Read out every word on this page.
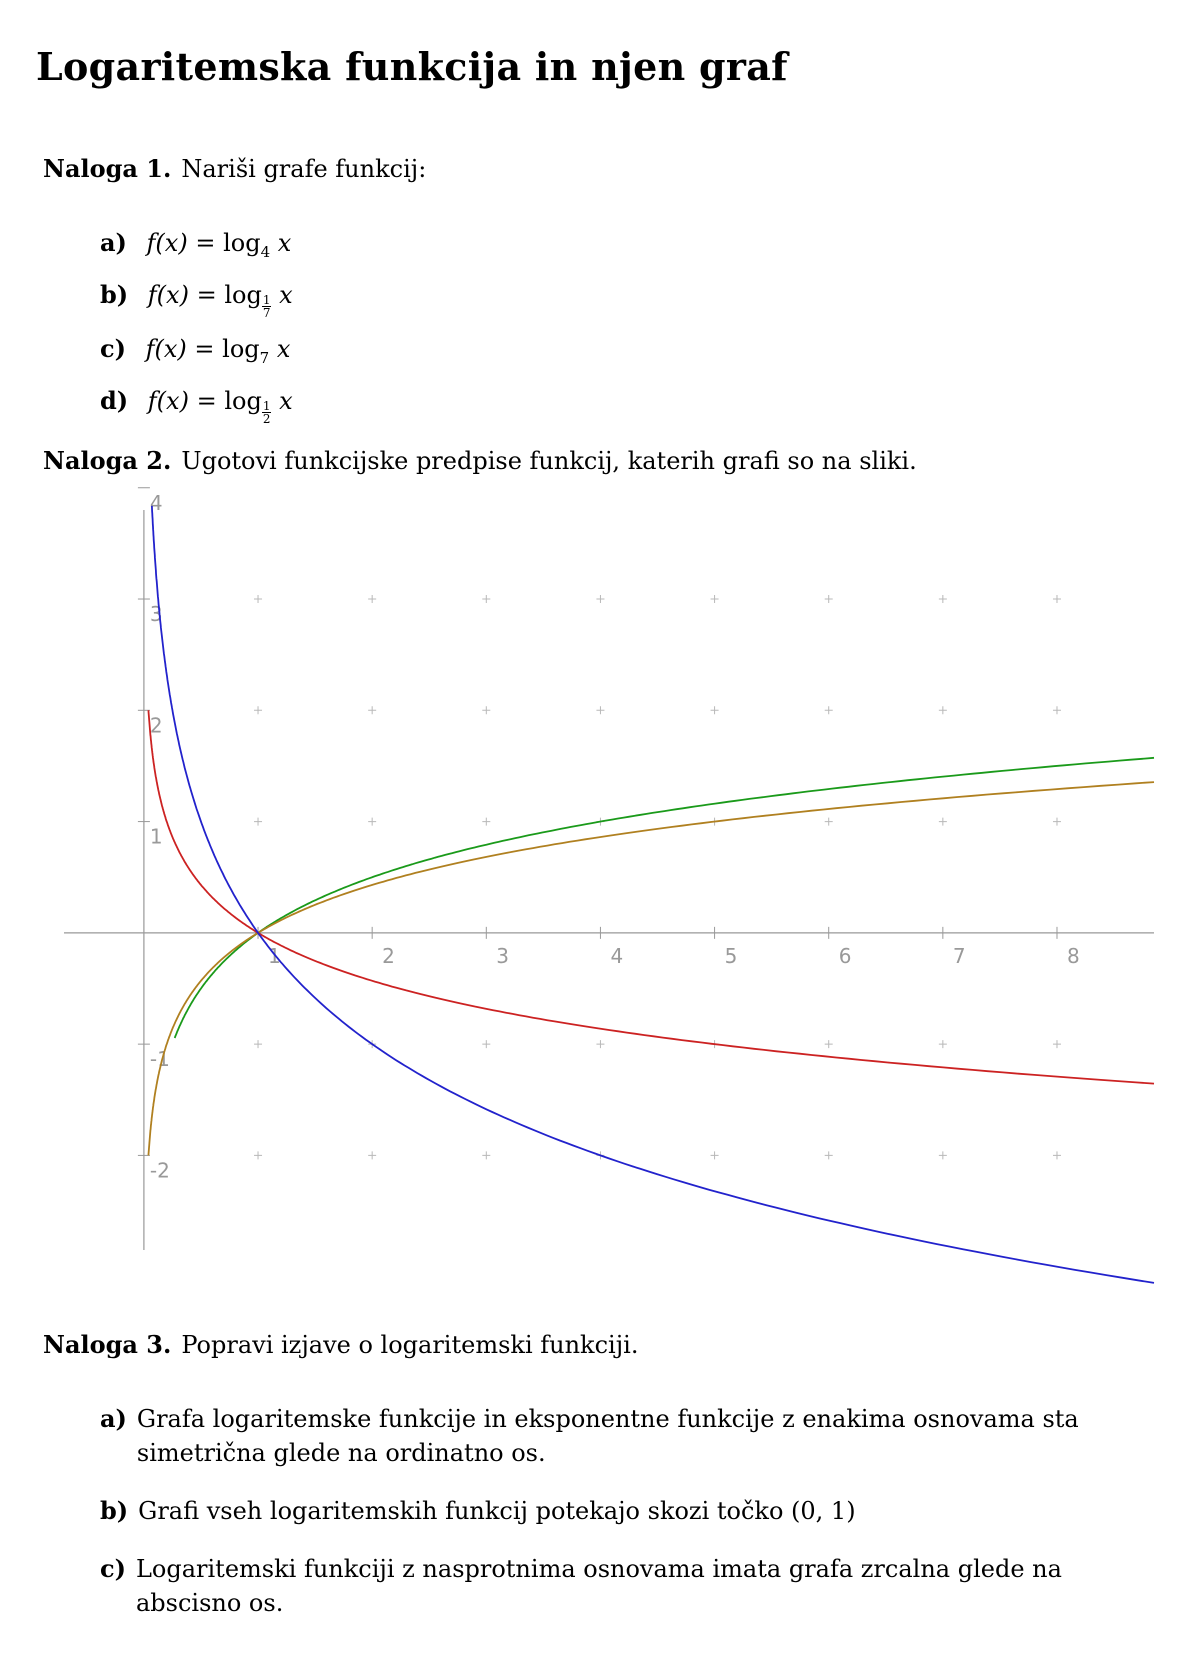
Logaritemska funkcija in njen graf
Naloga 1. Nariši grafe funkcij:
a) $f(x) = \log_4 x$
b) $f(x) = \log \frac{1}{7}$ x
c) $f(x) = \log_7 x$
d) $f(x) = \log \frac{1}{2}$ x
Naloga 2. Ugotovi funkcijske predpise funkcij, katerih grafi so na sliki.
1	2	3	4	5	6	7	8
-2
-1
1
2
3
4
Naloga 3. Popravi izjave o logaritemski funkciji.
a) Grafa logaritemske funkcije in eksponentne funkcije z enakima osnovama sta simetrična glede na ordinatno os.
b) Grafi vseh logaritemskih funkcij potekajo skozi točko (0, 1)
c) Logaritemski funkciji z nasprotnima osnovama imata grafa zrcalna glede na abscisno os.
